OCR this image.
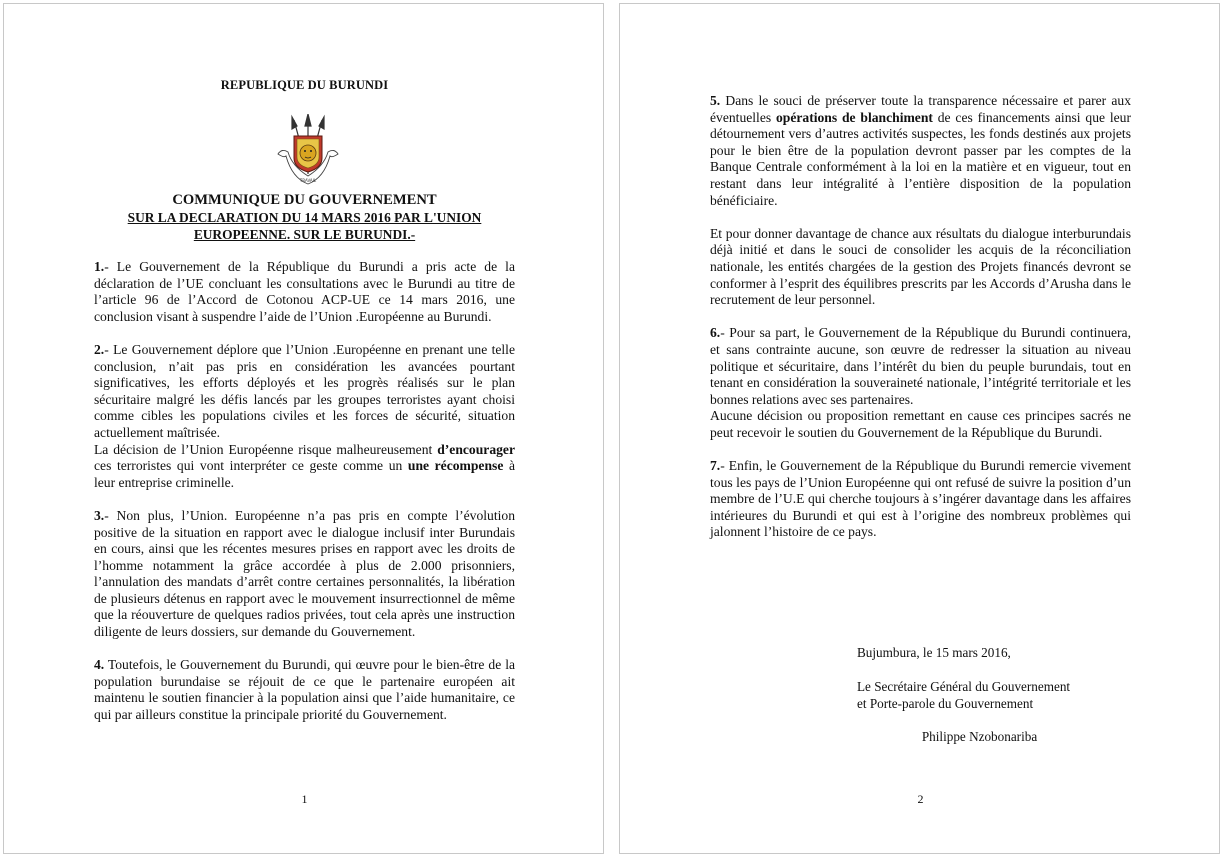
REPUBLIQUE DU BURUNDI
TRAVAIL
COMMUNIQUE DU GOUVERNEMENT
SUR LA DECLARATION DU 14 MARS 2016 PAR L'UNION
EUROPEENNE. SUR LE BURUNDI.-

1.- Le Gouvernement de la République du Burundi a pris acte de la déclaration de l’UE concluant les consultations avec le Burundi au titre de l’article 96 de l’Accord de Cotonou ACP-UE ce 14 mars 2016, une conclusion visant à suspendre l’aide de l’Union .Européenne au Burundi.

2.- Le Gouvernement déplore que l’Union .Européenne en prenant une telle conclusion, n’ait pas pris en considération les avancées pourtant significatives, les efforts déployés et les progrès réalisés sur le plan sécuritaire malgré les défis lancés par les groupes terroristes ayant choisi comme cibles les populations civiles et les forces de sécurité, situation actuellement maîtrisée.

La décision de l’Union Européenne risque malheureusement d’encourager ces terroristes qui vont interpréter ce geste comme un une récompense à leur entreprise criminelle.

3.- Non plus, l’Union. Européenne n’a pas pris en compte l’évolution positive de la situation en rapport avec le dialogue inclusif inter Burundais en cours, ainsi que les récentes mesures prises en rapport avec les droits de l’homme notamment la grâce accordée à plus de 2.000 prisonniers, l’annulation des mandats d’arrêt contre certaines personnalités, la libération de plusieurs détenus en rapport avec le mouvement insurrectionnel de même que la réouverture de quelques radios privées, tout cela après une instruction diligente de leurs dossiers, sur demande du Gouvernement.

4. Toutefois, le Gouvernement du Burundi, qui œuvre pour le bien-être de la population burundaise se réjouit de ce que le partenaire européen ait maintenu le soutien financier à la population ainsi que l’aide humanitaire, ce qui par ailleurs constitue la principale priorité du Gouvernement.

1

5. Dans le souci de préserver toute la transparence nécessaire et parer aux éventuelles opérations de blanchiment de ces financements ainsi que leur détournement vers d’autres activités suspectes, les fonds destinés aux projets pour le bien être de la population devront passer par les comptes de la Banque Centrale conformément à la loi en la matière et en vigueur, tout en restant dans leur intégralité à l’entière disposition de la population bénéficiaire.

Et pour donner davantage de chance aux résultats du dialogue interburundais déjà initié et dans le souci de consolider les acquis de la réconciliation nationale, les entités chargées de la gestion des Projets financés devront se conformer à l’esprit des équilibres prescrits par les Accords d’Arusha dans le recrutement de leur personnel.

6.- Pour sa part, le Gouvernement de la République du Burundi continuera, et sans contrainte aucune, son œuvre de redresser la situation au niveau politique et sécuritaire, dans l’intérêt du bien du peuple burundais, tout en tenant en considération la souveraineté nationale, l’intégrité territoriale et les bonnes relations avec ses partenaires.

Aucune décision ou proposition remettant en cause ces principes sacrés ne peut recevoir le soutien du Gouvernement de la République du Burundi.

7.- Enfin, le Gouvernement de la République du Burundi remercie vivement tous les pays de l’Union Européenne qui ont refusé de suivre la position d’un membre de l’U.E qui cherche toujours à s’ingérer davantage dans les affaires intérieures du Burundi et qui est à l’origine des nombreux problèmes qui jalonnent l’histoire de ce pays.

Bujumbura, le 15 mars 2016,
Le Secrétaire Général du Gouvernement
et Porte-parole du Gouvernement
Philippe Nzobonariba
2
